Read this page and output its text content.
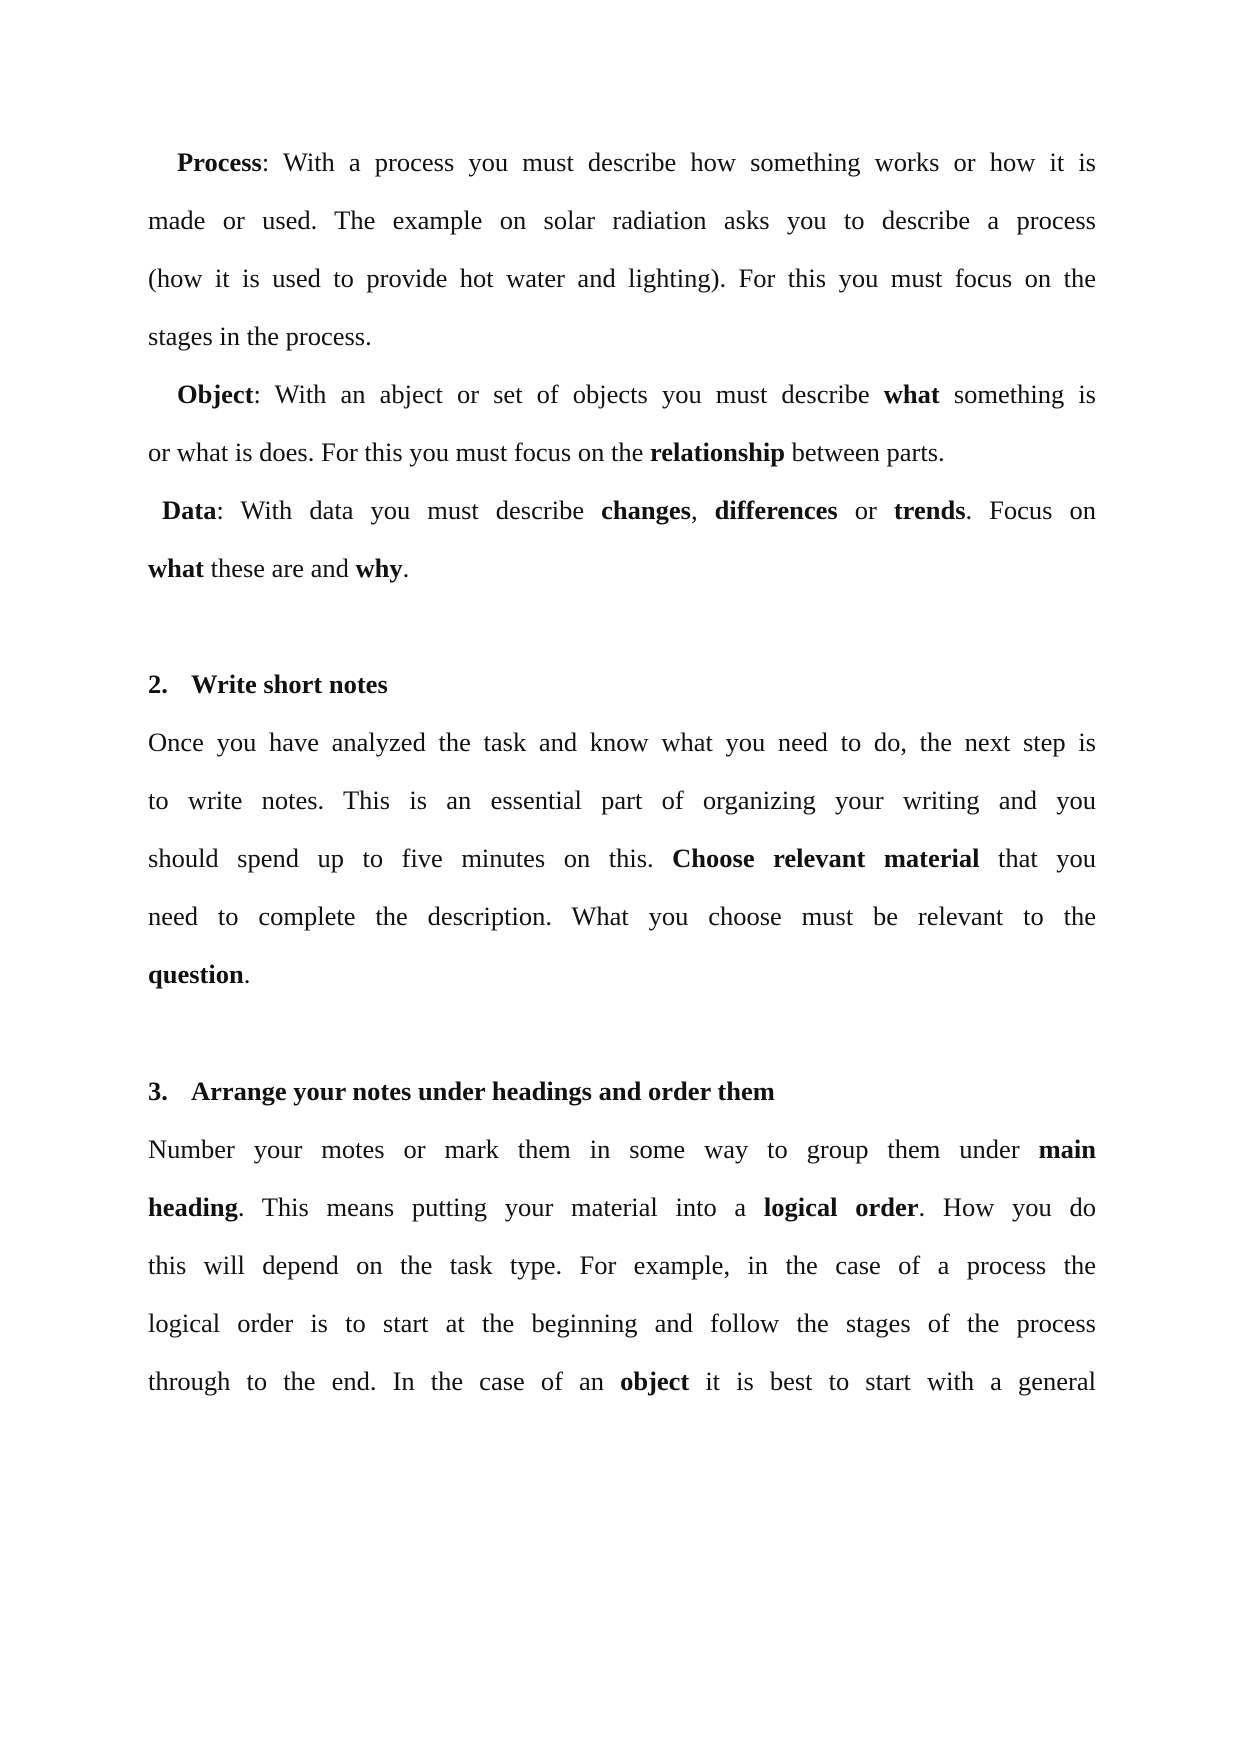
Process: With a process you must describe how something works or how it is
made or used. The example on solar radiation asks you to describe a process
(how it is used to provide hot water and lighting). For this you must focus on the
stages in the process.
Object: With an abject or set of objects you must describe what something is
or what is does. For this you must focus on the relationship between parts.
Data: With data you must describe changes, differences or trends. Focus on
what these are and why.
2. Write short notes
Once you have analyzed the task and know what you need to do, the next step is
to write notes. This is an essential part of organizing your writing and you
should spend up to five minutes on this. Choose relevant material that you
need to complete the description. What you choose must be relevant to the
question.
3. Arrange your notes under headings and order them
Number your motes or mark them in some way to group them under main
heading. This means putting your material into a logical order. How you do
this will depend on the task type. For example, in the case of a process the
logical order is to start at the beginning and follow the stages of the process
through to the end. In the case of an object it is best to start with a general
